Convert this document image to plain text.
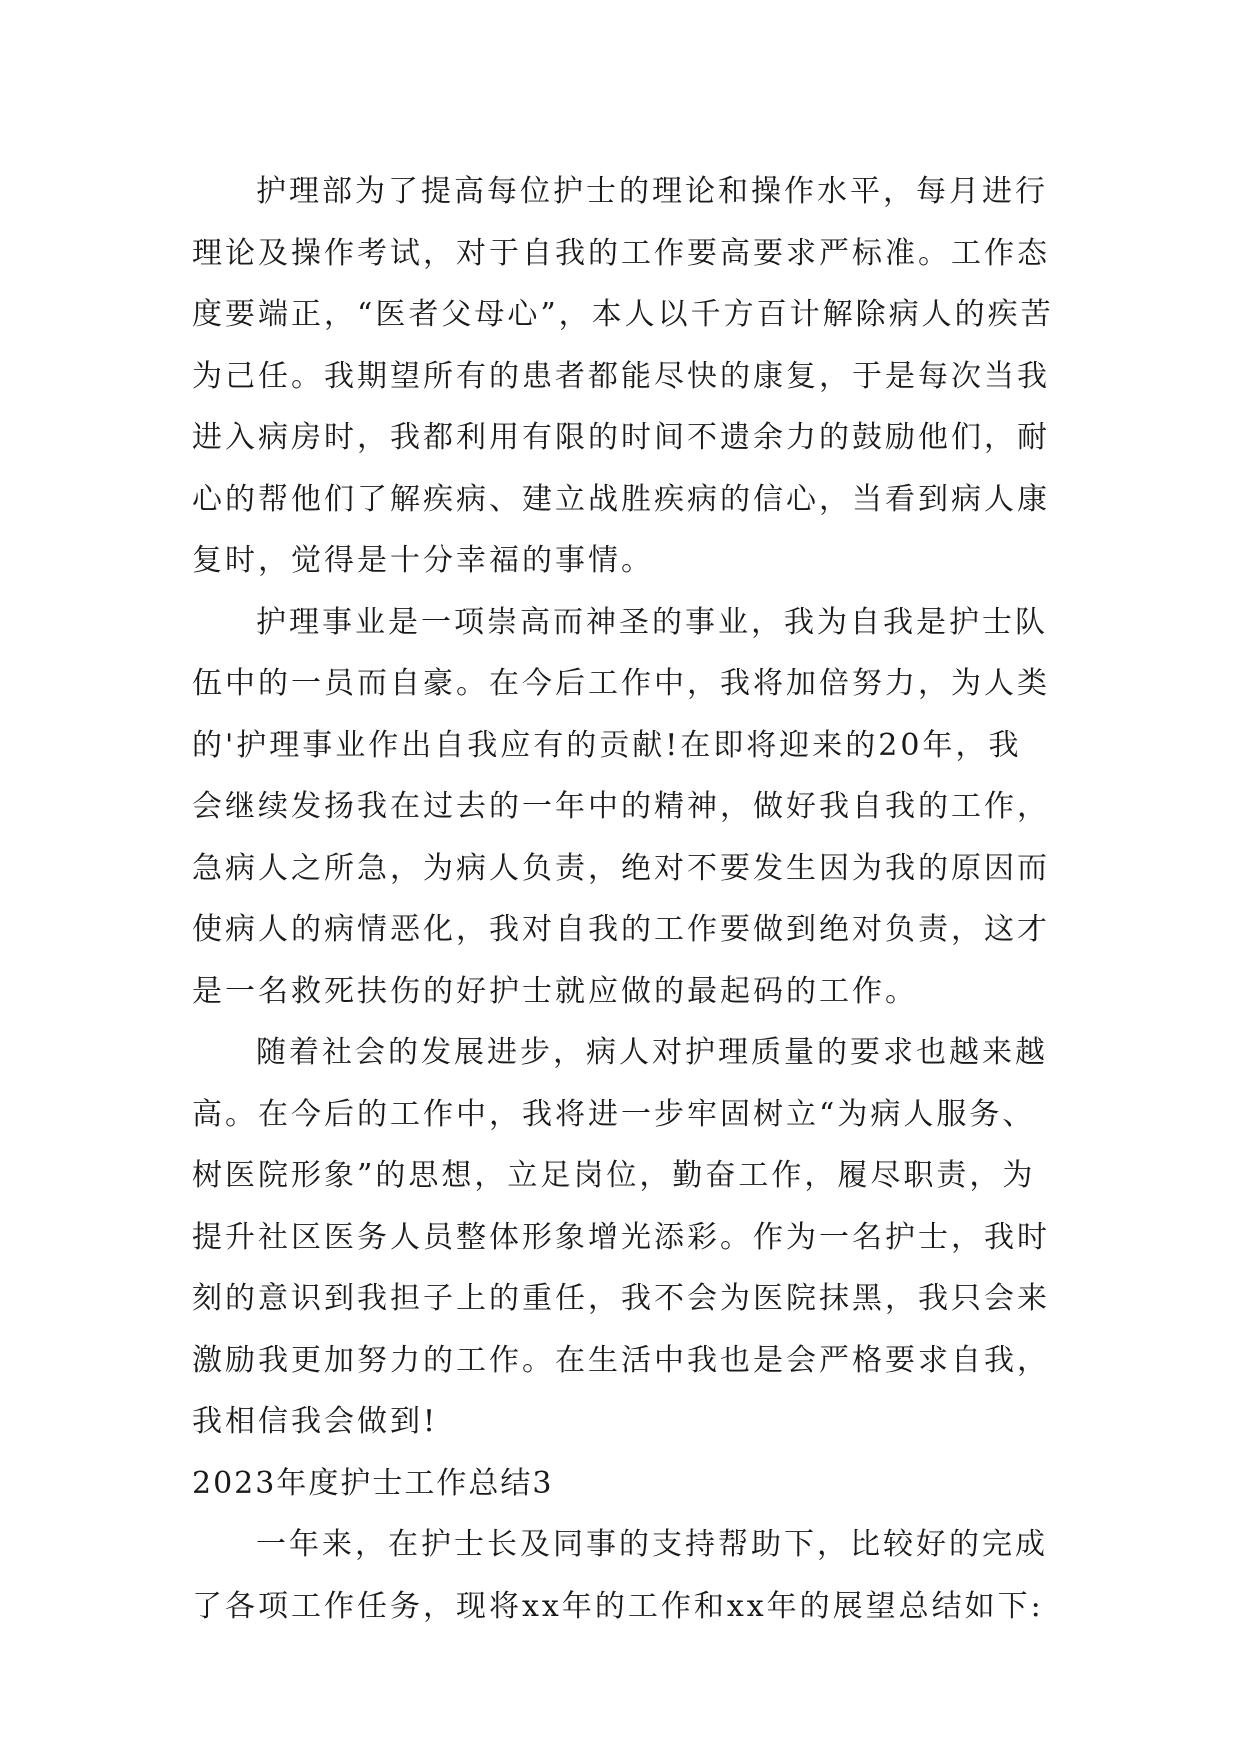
护理部为了提高每位护士的理论和操作水平，每月进行
理论及操作考试，对于自我的工作要高要求严标准。工作态
度要端正，“医者父母心”，本人以千方百计解除病人的疾苦
为己任。我期望所有的患者都能尽快的康复，于是每次当我
进入病房时，我都利用有限的时间不遗余力的鼓励他们，耐
心的帮他们了解疾病、建立战胜疾病的信心，当看到病人康
复时，觉得是十分幸福的事情。
护理事业是一项崇高而神圣的事业，我为自我是护士队
伍中的一员而自豪。在今后工作中，我将加倍努力，为人类
的'护理事业作出自我应有的贡献!在即将迎来的20年，我
会继续发扬我在过去的一年中的精神，做好我自我的工作，
急病人之所急，为病人负责，绝对不要发生因为我的原因而
使病人的病情恶化，我对自我的工作要做到绝对负责，这才
是一名救死扶伤的好护士就应做的最起码的工作。
随着社会的发展进步，病人对护理质量的要求也越来越
高。在今后的工作中，我将进一步牢固树立“为病人服务、
树医院形象”的思想，立足岗位，勤奋工作，履尽职责，为
提升社区医务人员整体形象增光添彩。作为一名护士，我时
刻的意识到我担子上的重任，我不会为医院抹黑，我只会来
激励我更加努力的工作。在生活中我也是会严格要求自我，
我相信我会做到!
2023年度护士工作总结3
一年来，在护士长及同事的支持帮助下，比较好的完成
了各项工作任务，现将xx年的工作和xx年的展望总结如下:
